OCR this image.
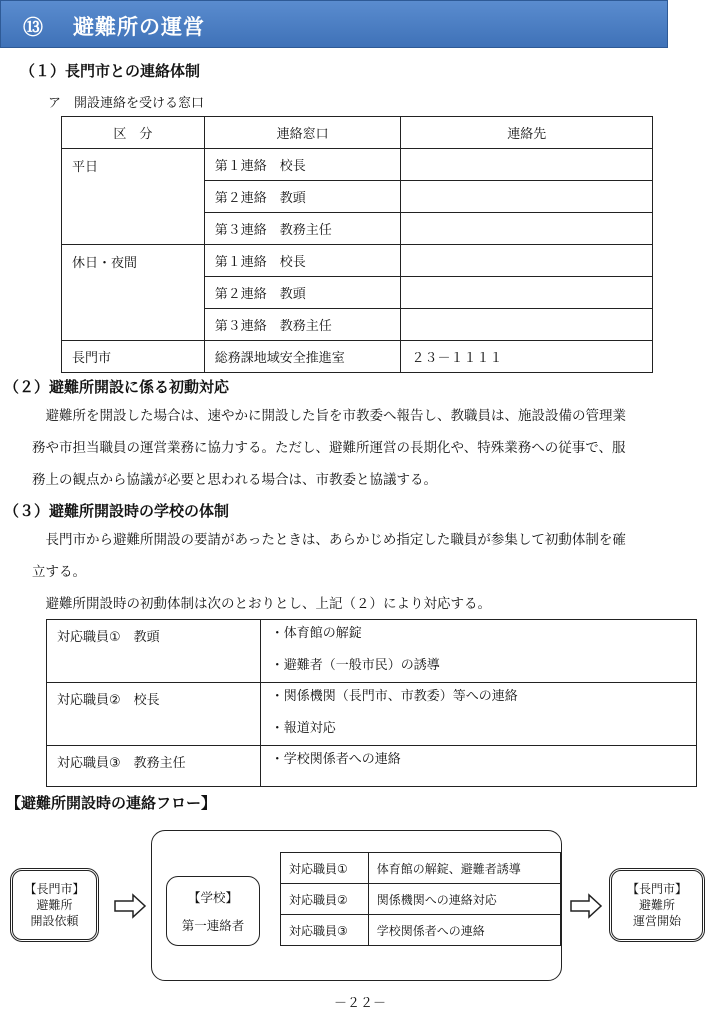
⑬ 避難所の運営
（１）長門市との連絡体制
ア　開設連絡を受ける窓口
区　分	連絡窓口	連絡先
平日	第１連絡　校長	
	第２連絡　教頭	
	第３連絡　教務主任	
休日・夜間	第１連絡　校長	
	第２連絡　教頭	
	第３連絡　教務主任	
長門市	総務課地域安全推進室	２３－１１１１
（２）避難所開設に係る初動対応
　避難所を開設した場合は、速やかに開設した旨を市教委へ報告し、教職員は、施設設備の管理業
務や市担当職員の運営業務に協力する。ただし、避難所運営の長期化や、特殊業務への従事で、服
務上の観点から協議が必要と思われる場合は、市教委と協議する。
（３）避難所開設時の学校の体制
　長門市から避難所開設の要請があったときは、あらかじめ指定した職員が参集して初動体制を確
立する。
　避難所開設時の初動体制は次のとおりとし、上記（２）により対応する。
対応職員①　教頭	・体育館の解錠
・避難者（一般市民）の誘導

対応職員②　校長	・関係機関（長門市、市教委）等への連絡
・報道対応

対応職員③　教務主任	・学校関係者への連絡
【避難所開設時の連絡フロー】
【長門市】
避難所
開設依頼
【学校】
第一連絡者
対応職員①	体育館の解錠、避難者誘導
対応職員②	関係機関への連絡対応
対応職員③	学校関係者への連絡
【長門市】
避難所
運営開始
－２２－
